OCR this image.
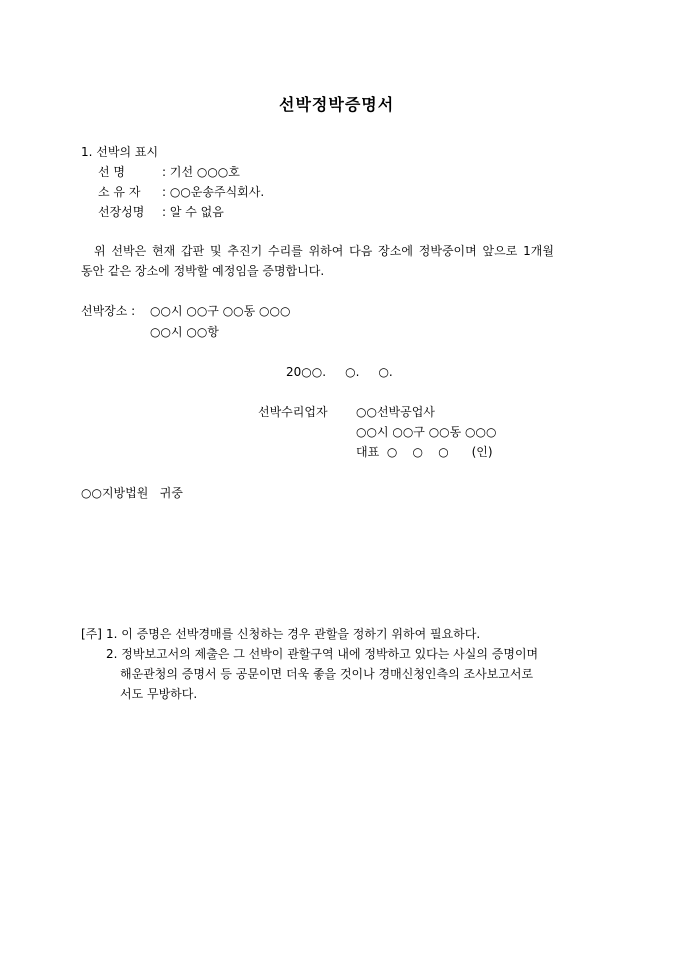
선박정박증명서
1. 선박의 표시
선 명	: 기선 ○○○호
소 유 자 : ○○운송주식회사.
선장성명 : 알 수 없음
위 선박은 현재 갑판 및 추진기 수리를 위하여 다음 장소에 정박중이며 앞으로 1개월
동안 같은 장소에 정박할 예정임을 증명합니다.
선박장소 : ○○시 ○○구 ○○동 ○○○
○○시 ○○항
20○○.     ○.     ○.
선박수리업자 ○○선박공업사
○○시 ○○구 ○○동 ○○○
대표  ○    ○    ○      (인)
○○지방법원   귀중
[주] 1. 이 증명은 선박경매를 신청하는 경우 관할을 정하기 위하여 필요하다.
2. 정박보고서의 제출은 그 선박이 관할구역 내에 정박하고 있다는 사실의 증명이며
해운관청의 증명서 등 공문이면 더욱 좋을 것이나 경매신청인측의 조사보고서로
서도 무방하다.
